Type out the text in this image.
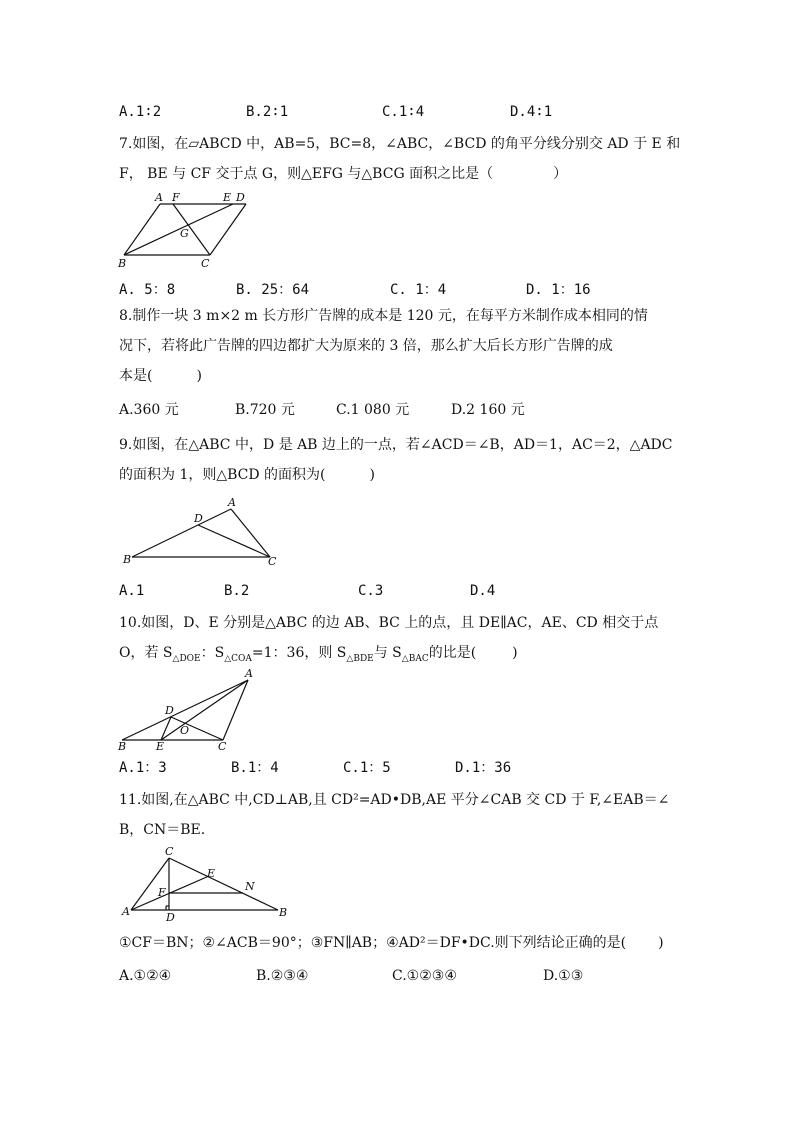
A.1∶2	B.2∶1	C.1∶4	D.4∶1
7.如图，在▱ABCD 中，AB=5，BC=8，∠ABC，∠BCD 的角平分线分别交 AD 于 E 和
F， BE 与 CF 交于点 G，则△EFG 与△BCG 面积之比是（	）
A F	E D
G
B	C
A. 5：8	B. 25：64	C. 1：4	D. 1：16
8.制作一块 3 m×2 m 长方形广告牌的成本是 120 元，在每平方米制作成本相同的情
况下，若将此广告牌的四边都扩大为原来的 3 倍，那么扩大后长方形广告牌的成
本是(	)
A.360 元	B.720 元	C.1 080 元	D.2 160 元
9.如图，在△ABC 中，D 是 AB 边上的一点，若∠ACD＝∠B，AD＝1，AC＝2，△ADC
的面积为 1，则△BCD 的面积为(	)
A
D
B	C
A.1	B.2	C.3	D.4
10.如图，D、E 分别是△ABC 的边 AB、BC 上的点，且 DE∥AC，AE、CD 相交于点
O，若 $S_{\triangle DOE}$：$S_{\triangle COA}=1$：36，则 $S_{\triangle BDE}$与 $S_{\triangle BAC}$的比是(	)
A
D
O
B	E	C
A.1：3	B.1：4	C.1：5	D.1：36
11.如图,在△ABC 中,CD⊥AB,且 CD²=AD•DB,AE 平分∠CAB 交 CD 于 F,∠EAB＝∠
B，CN＝BE.
C
E
N
F
A	D	B
①CF＝BN；②∠ACB＝90°；③FN∥AB；④AD²＝DF•DC.则下列结论正确的是( )
A.①②④	B.②③④	C.①②③④	D.①③
